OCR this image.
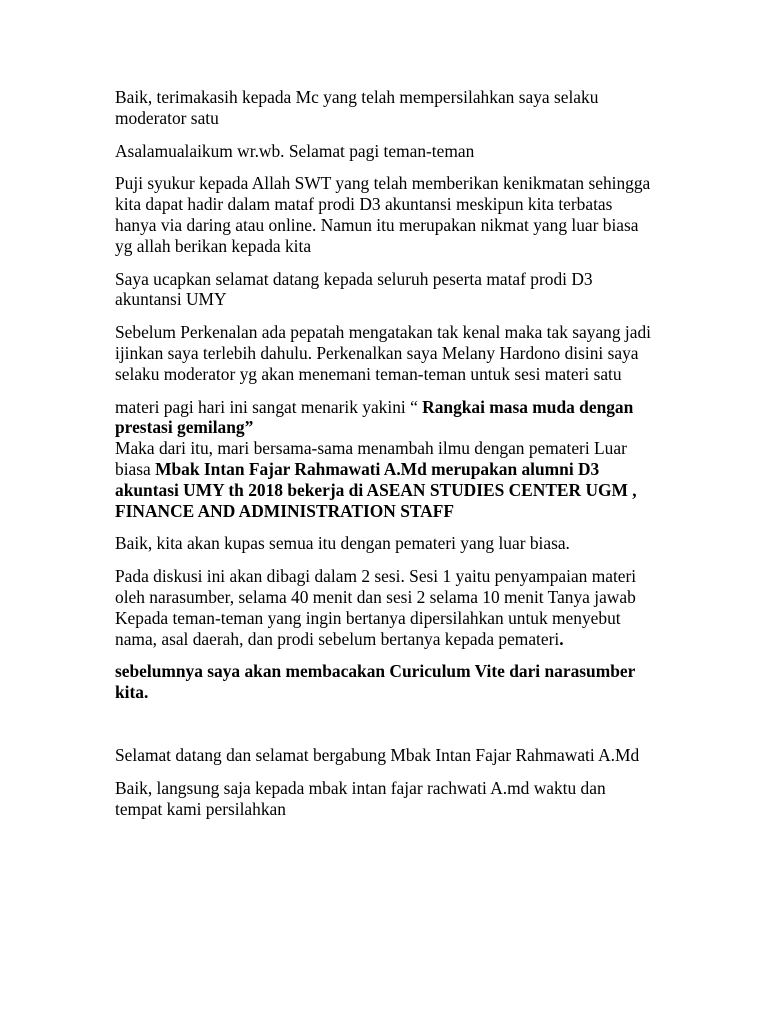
Baik, terimakasih kepada Mc yang telah mempersilahkan saya selaku moderator satu

Asalamualaikum wr.wb. Selamat pagi teman-teman

Puji syukur kepada Allah SWT yang telah memberikan kenikmatan sehingga kita dapat hadir dalam mataf prodi D3 akuntansi meskipun kita terbatas hanya via daring atau online. Namun itu merupakan nikmat yang luar biasa yg allah berikan kepada kita

Saya ucapkan selamat datang kepada seluruh peserta mataf prodi D3 akuntansi UMY

Sebelum Perkenalan ada pepatah mengatakan tak kenal maka tak sayang jadi ijinkan saya terlebih dahulu. Perkenalkan saya Melany Hardono disini saya selaku moderator yg akan menemani teman-teman untuk sesi materi satu

materi pagi hari ini sangat menarik yakini “ Rangkai masa muda dengan prestasi gemilang”

Maka dari itu, mari bersama-sama menambah ilmu dengan pemateri Luar biasa Mbak Intan Fajar Rahmawati A.Md merupakan alumni D3 akuntasi UMY th 2018 bekerja di ASEAN STUDIES CENTER UGM , FINANCE AND ADMINISTRATION STAFF

Baik, kita akan kupas semua itu dengan pemateri yang luar biasa.

Pada diskusi ini akan dibagi dalam 2 sesi. Sesi 1 yaitu penyampaian materi oleh narasumber, selama 40 menit dan sesi 2 selama 10 menit Tanya jawab Kepada teman-teman yang ingin bertanya dipersilahkan untuk menyebut nama, asal daerah, dan prodi sebelum bertanya kepada pemateri.

sebelumnya saya akan membacakan Curiculum Vite dari narasumber kita.

Selamat datang dan selamat bergabung Mbak Intan Fajar Rahmawati A.Md

Baik, langsung saja kepada mbak intan fajar rachwati A.md waktu dan tempat kami persilahkan
